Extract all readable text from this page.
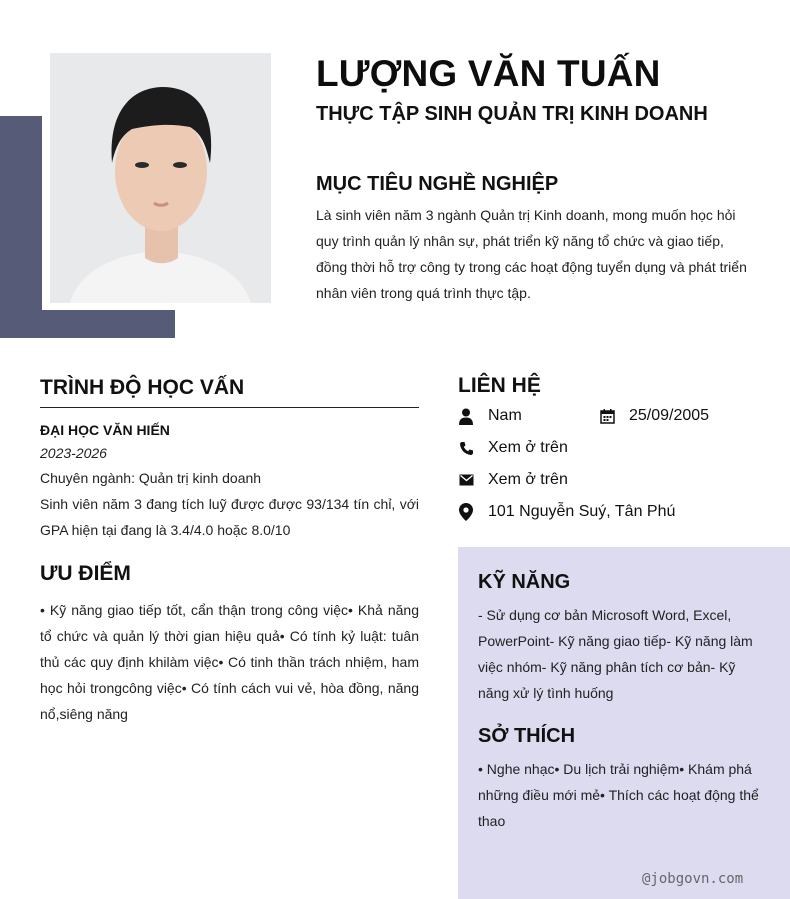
LƯỢNG VĂN TUẤN
THỰC TẬP SINH QUẢN TRỊ KINH DOANH
MỤC TIÊU NGHỀ NGHIỆP
Là sinh viên năm 3 ngành Quản trị Kinh doanh, mong muốn học hỏi quy trình quản lý nhân sự, phát triển kỹ năng tổ chức và giao tiếp, đồng thời hỗ trợ công ty trong các hoạt động tuyển dụng và phát triển nhân viên trong quá trình thực tập.
TRÌNH ĐỘ HỌC VẤN
ĐẠI HỌC VĂN HIẾN
2023-2026
Chuyên ngành: Quản trị kinh doanh
Sinh viên năm 3 đang tích luỹ được được 93/134 tín chỉ, với GPA hiện tại đang là 3.4/4.0 hoặc 8.0/10
ƯU ĐIỂM
• Kỹ năng giao tiếp tốt, cẩn thận trong công việc• Khả năng tổ chức và quản lý thời gian hiệu quả• Có tính kỷ luật: tuân thủ các quy định khilàm việc• Có tinh thần trách nhiệm, ham học hỏi trongcông việc• Có tính cách vui vẻ, hòa đồng, năng nổ,siêng năng
LIÊN HỆ
Nam	25/09/2005
Xem ở trên
Xem ở trên
101 Nguyễn Suý, Tân Phú
KỸ NĂNG
- Sử dụng cơ bản Microsoft Word, Excel, PowerPoint- Kỹ năng giao tiếp- Kỹ năng làm việc nhóm- Kỹ năng phân tích cơ bản- Kỹ năng xử lý tình huống
SỞ THÍCH
• Nghe nhạc• Du lịch trải nghiệm• Khám phá những điều mới mẻ• Thích các hoạt động thể thao
@jobgovn.com
